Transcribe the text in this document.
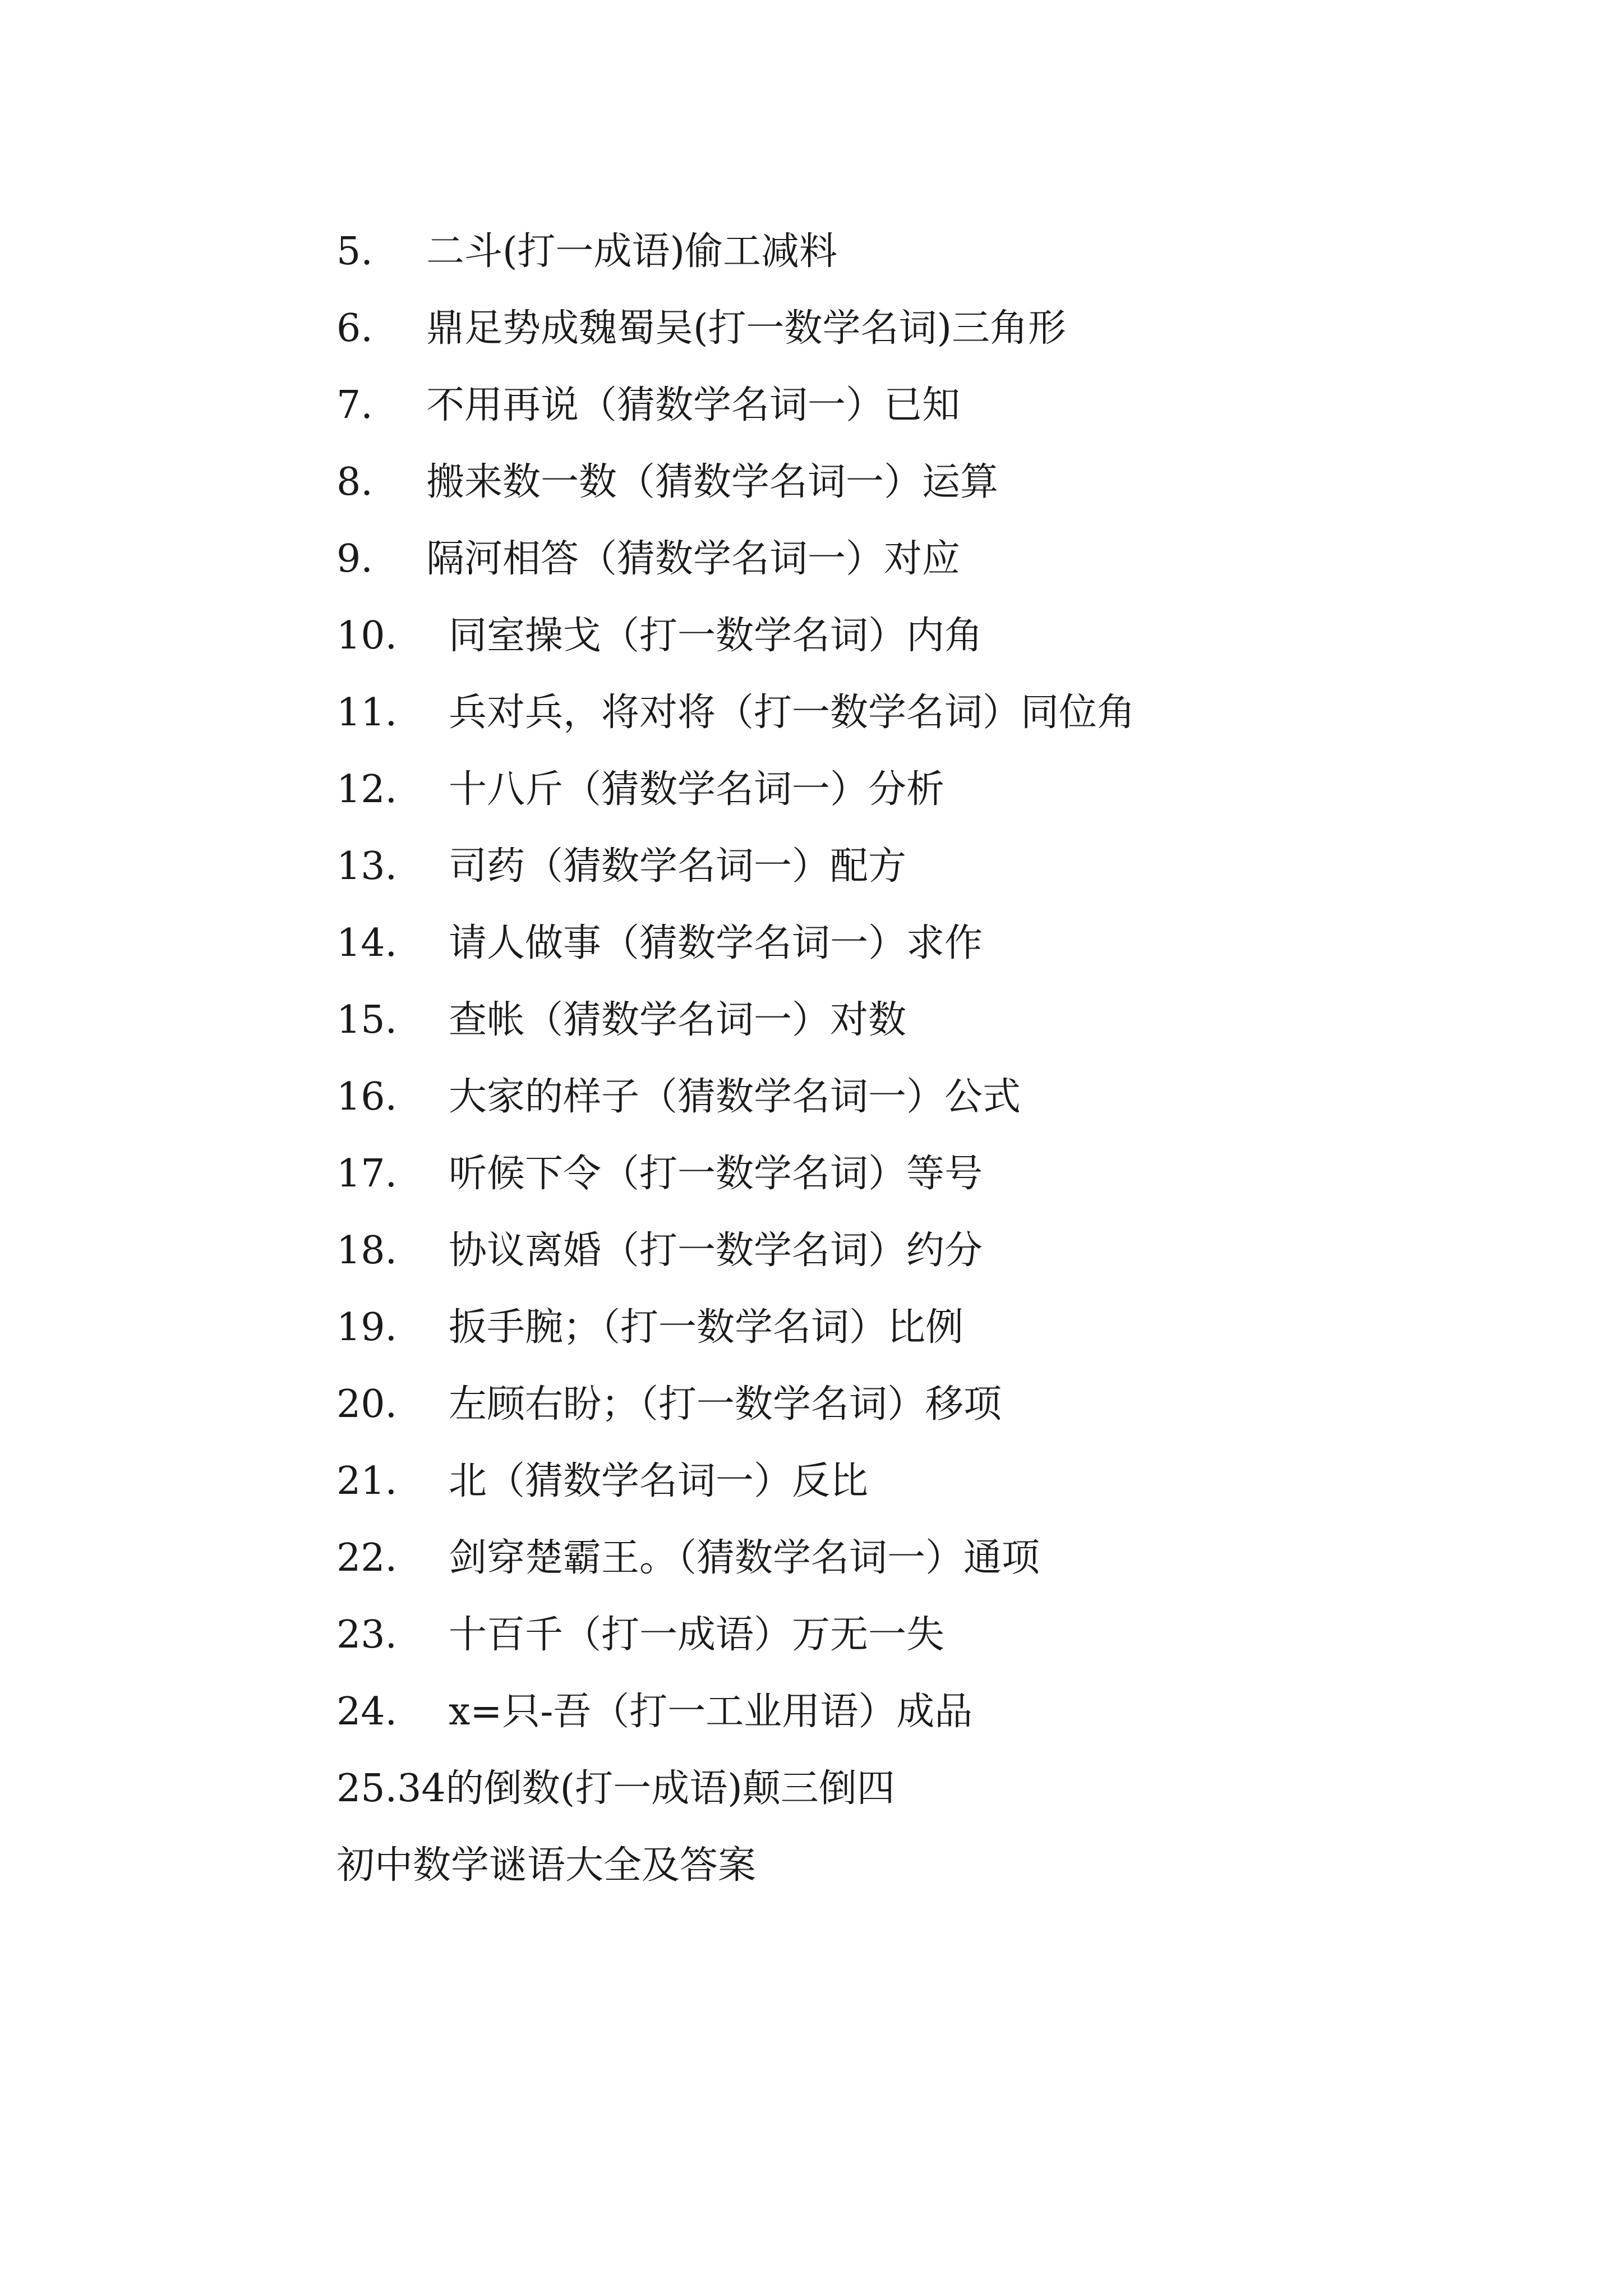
5. 二斗(打一成语)偷工减料
6. 鼎足势成魏蜀吴(打一数学名词)三角形
7. 不用再说（猜数学名词一）已知
8. 搬来数一数（猜数学名词一）运算
9. 隔河相答（猜数学名词一）对应
10. 同室操戈（打一数学名词）内角
11. 兵对兵，将对将（打一数学名词）同位角
12. 十八斤（猜数学名词一）分析
13. 司药（猜数学名词一）配方
14. 请人做事（猜数学名词一）求作
15. 查帐（猜数学名词一）对数
16. 大家的样子（猜数学名词一）公式
17. 听候下令（打一数学名词）等号
18. 协议离婚（打一数学名词）约分
19. 扳手腕；（打一数学名词）比例
20. 左顾右盼；（打一数学名词）移项
21. 北（猜数学名词一）反比
22. 剑穿楚霸王。（猜数学名词一）通项
23. 十百千（打一成语）万无一失
24. x=只-吾（打一工业用语）成品
25.34的倒数(打一成语)颠三倒四
初中数学谜语大全及答案
